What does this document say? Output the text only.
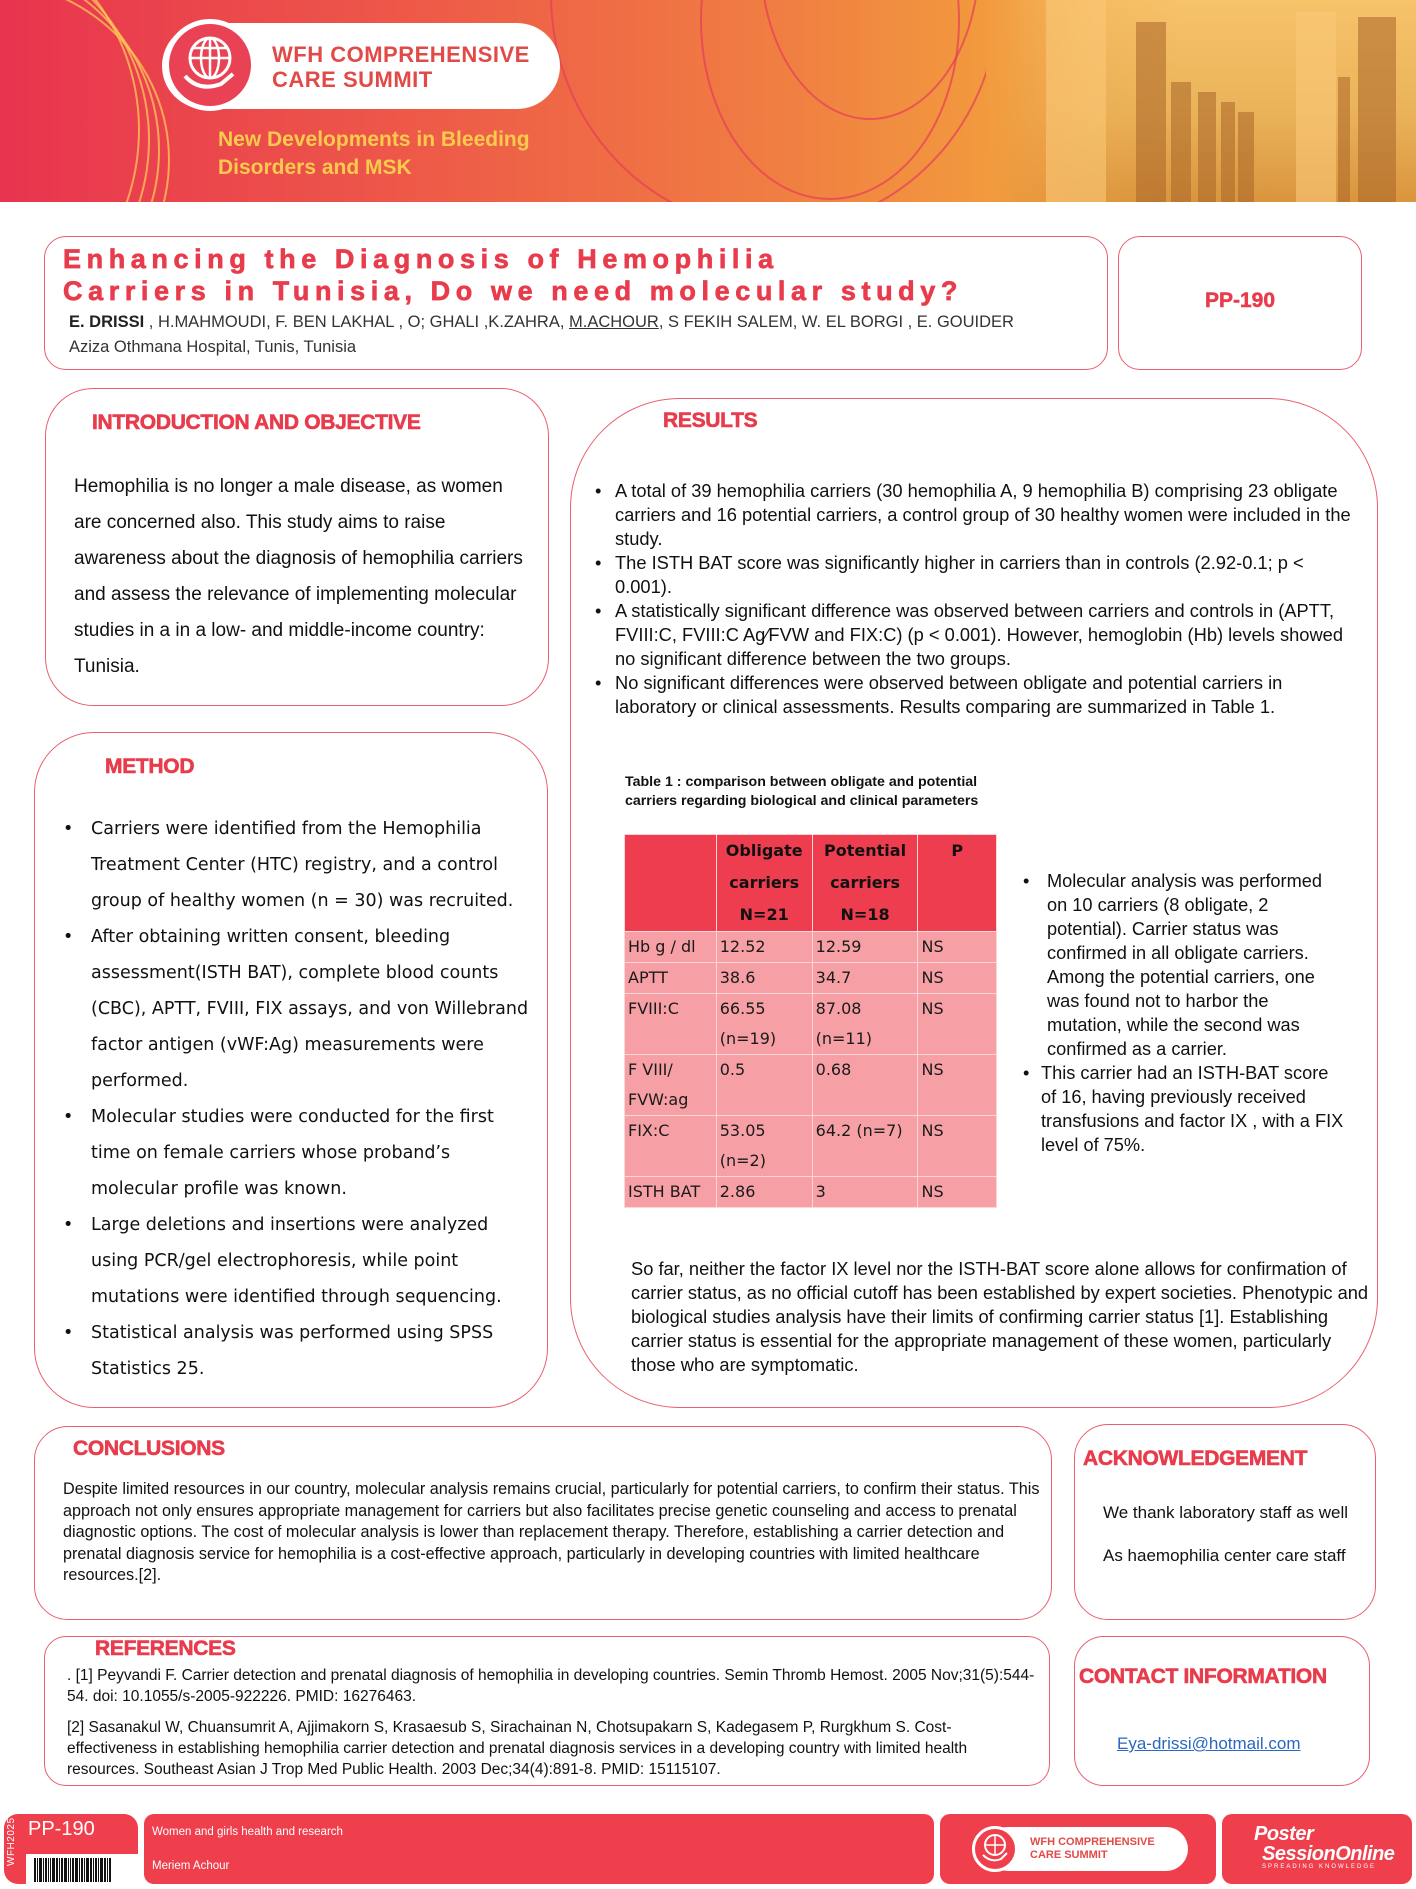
WFH COMPREHENSIVE
CARE SUMMIT
New Developments in Bleeding
Disorders and MSK
Enhancing the Diagnosis of Hemophilia
Carriers in Tunisia, Do we need molecular study?
E. DRISSI , H.MAHMOUDI, F. BEN LAKHAL , O; GHALI ,K.ZAHRA, M.ACHOUR, S FEKIH SALEM, W. EL BORGI , E. GOUIDER
Aziza Othmana Hospital, Tunis, Tunisia
PP-190
INTRODUCTION AND OBJECTIVE
Hemophilia is no longer a male disease, as women are concerned also. This study aims to raise awareness about the diagnosis of hemophilia carriers and assess the relevance of implementing molecular studies in a in a low- and middle-income country: Tunisia.
METHOD
• Carriers were identified from the Hemophilia Treatment Center (HTC) registry, and a control group of healthy women (n = 30) was recruited.
• After obtaining written consent, bleeding assessment(ISTH BAT), complete blood counts (CBC), APTT, FVIII, FIX assays, and von Willebrand factor antigen (vWF:Ag) measurements were performed.
• Molecular studies were conducted for the first time on female carriers whose proband’s molecular profile was known.
• Large deletions and insertions were analyzed using PCR/gel electrophoresis, while point mutations were identified through sequencing.
• Statistical analysis was performed using SPSS Statistics 25.
RESULTS
• A total of 39 hemophilia carriers (30 hemophilia A, 9 hemophilia B) comprising 23 obligate carriers and 16 potential carriers, a control group of 30 healthy women were included in the study.
• The ISTH BAT score was significantly higher in carriers than in controls (2.92-0.1; p < 0.001).
• A statistically significant difference was observed between carriers and controls in (APTT, FVIII:C, FVIII:C Ag⁄FVW and FIX:C) (p < 0.001). However, hemoglobin (Hb) levels showed no significant difference between the two groups.
• No significant differences were observed between obligate and potential carriers in laboratory or clinical assessments. Results comparing are summarized in Table 1.
Table 1 : comparison between obligate and potential carriers regarding biological and clinical parameters
	Obligate carriers N=21	Potential carriers N=18	P
Hb g / dl	12.52	12.59	NS
APTT	38.6	34.7	NS
FVIII:C	66.55 (n=19)	87.08 (n=11)	NS
F VIII/ FVW:ag	0.5	0.68	NS
FIX:C	53.05 (n=2)	64.2 (n=7)	NS
ISTH BAT	2.86	3	NS
• Molecular analysis was performed on 10 carriers (8 obligate, 2 potential). Carrier status was confirmed in all obligate carriers. Among the potential carriers, one was found not to harbor the mutation, while the second was confirmed as a carrier.
• This carrier had an ISTH-BAT score of 16, having previously received transfusions and factor IX , with a FIX level of 75%.
So far, neither the factor IX level nor the ISTH-BAT score alone allows for confirmation of carrier status, as no official cutoff has been established by expert societies. Phenotypic and biological studies analysis have their limits of confirming carrier status [1]. Establishing carrier status is essential for the appropriate management of these women, particularly those who are symptomatic.
CONCLUSIONS
Despite limited resources in our country, molecular analysis remains crucial, particularly for potential carriers, to confirm their status. This approach not only ensures appropriate management for carriers but also facilitates precise genetic counseling and access to prenatal diagnostic options. The cost of molecular analysis is lower than replacement therapy. Therefore, establishing a carrier detection and prenatal diagnosis service for hemophilia is a cost-effective approach, particularly in developing countries with limited healthcare resources.[2].
ACKNOWLEDGEMENT
We thank laboratory staff as well
As haemophilia center care staff
REFERENCES
. [1] Peyvandi F. Carrier detection and prenatal diagnosis of hemophilia in developing countries. Semin Thromb Hemost. 2005 Nov;31(5):544-54. doi: 10.1055/s-2005-922226. PMID: 16276463.
[2] Sasanakul W, Chuansumrit A, Ajjimakorn S, Krasaesub S, Sirachainan N, Chotsupakarn S, Kadegasem P, Rurgkhum S. Cost-effectiveness in establishing hemophilia carrier detection and prenatal diagnosis services in a developing country with limited health resources. Southeast Asian J Trop Med Public Health. 2003 Dec;34(4):891-8. PMID: 15115107.
CONTACT INFORMATION
Eya-drissi@hotmail.com
WFH2025 PP-190	Women and girls health and research
Meriem Achour
WFH COMPREHENSIVE
CARE SUMMIT
Poster
SessionOnline
SPREADING KNOWLEDGE
